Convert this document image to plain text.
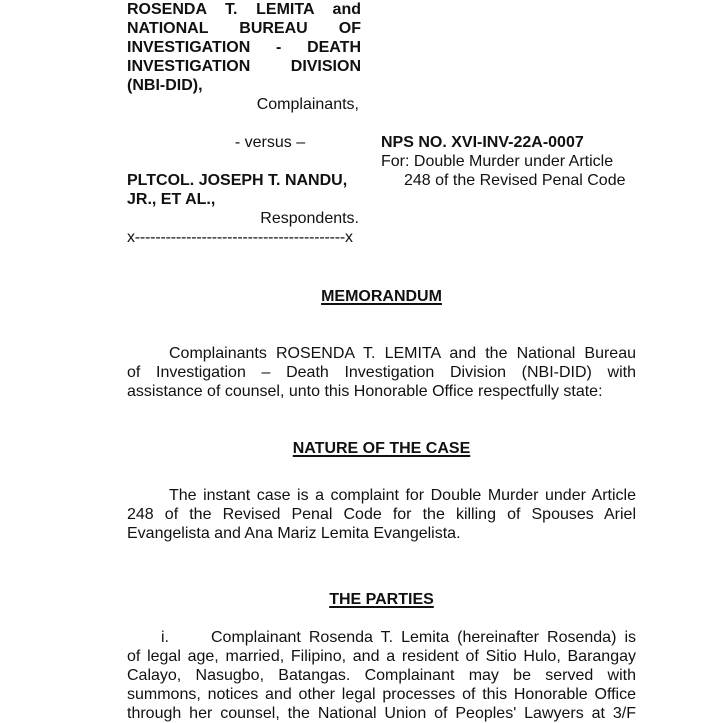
ROSENDA T. LEMITA and
NATIONAL BUREAU OF
INVESTIGATION - DEATH
INVESTIGATION DIVISION
(NBI-DID),
Complainants,
- versus –
PLTCOL. JOSEPH T. NANDU,
JR., ET AL.,
Respondents.
NPS NO. XVI-INV-22A-0007
For: Double Murder under Article
248 of the Revised Penal Code
x-----------------------------------------x
MEMORANDUM
Complainants ROSENDA T. LEMITA and the National Bureau
of Investigation – Death Investigation Division (NBI-DID) with
assistance of counsel, unto this Honorable Office respectfully state:
NATURE OF THE CASE
The instant case is a complaint for Double Murder under Article
248 of the Revised Penal Code for the killing of Spouses Ariel
Evangelista and Ana Mariz Lemita Evangelista.
THE PARTIES
i.	Complainant Rosenda T. Lemita (hereinafter Rosenda) is
of legal age, married, Filipino, and a resident of Sitio Hulo, Barangay
Calayo, Nasugbo, Batangas. Complainant may be served with
summons, notices and other legal processes of this Honorable Office
through her counsel, the National Union of Peoples' Lawyers at 3/F
